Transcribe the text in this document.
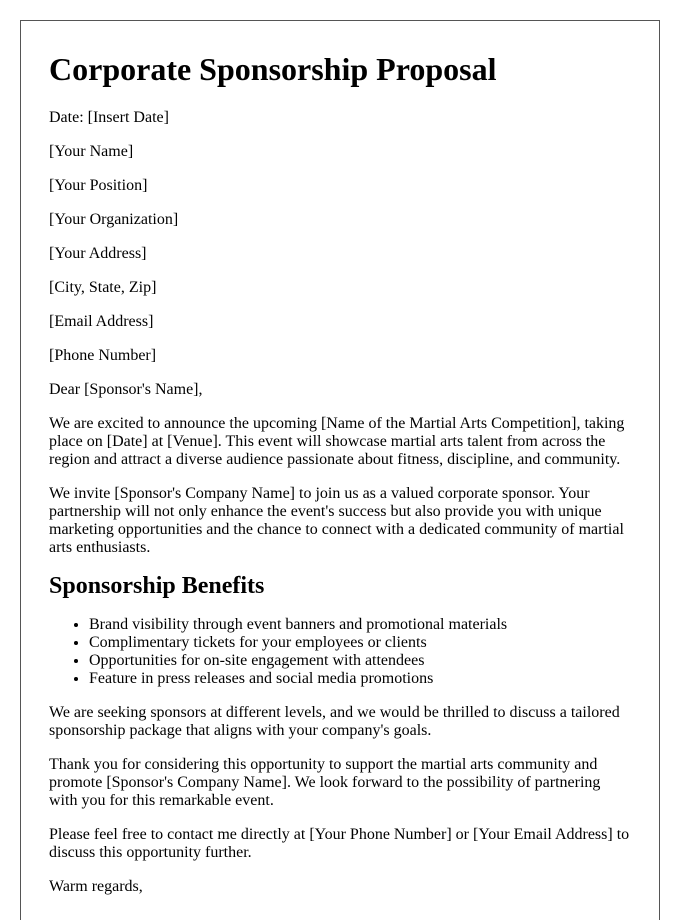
Corporate Sponsorship Proposal

Date: [Insert Date]

[Your Name]

[Your Position]

[Your Organization]

[Your Address]

[City, State, Zip]

[Email Address]

[Phone Number]

Dear [Sponsor's Name],

We are excited to announce the upcoming [Name of the Martial Arts Competition], taking place on [Date] at [Venue]. This event will showcase martial arts talent from across the region and attract a diverse audience passionate about fitness, discipline, and community.

We invite [Sponsor's Company Name] to join us as a valued corporate sponsor. Your partnership will not only enhance the event's success but also provide you with unique marketing opportunities and the chance to connect with a dedicated community of martial arts enthusiasts.

Sponsorship Benefits
• Brand visibility through event banners and promotional materials
• Complimentary tickets for your employees or clients
• Opportunities for on-site engagement with attendees
• Feature in press releases and social media promotions

We are seeking sponsors at different levels, and we would be thrilled to discuss a tailored sponsorship package that aligns with your company's goals.

Thank you for considering this opportunity to support the martial arts community and promote [Sponsor's Company Name]. We look forward to the possibility of partnering with you for this remarkable event.

Please feel free to contact me directly at [Your Phone Number] or [Your Email Address] to discuss this opportunity further.

Warm regards,
